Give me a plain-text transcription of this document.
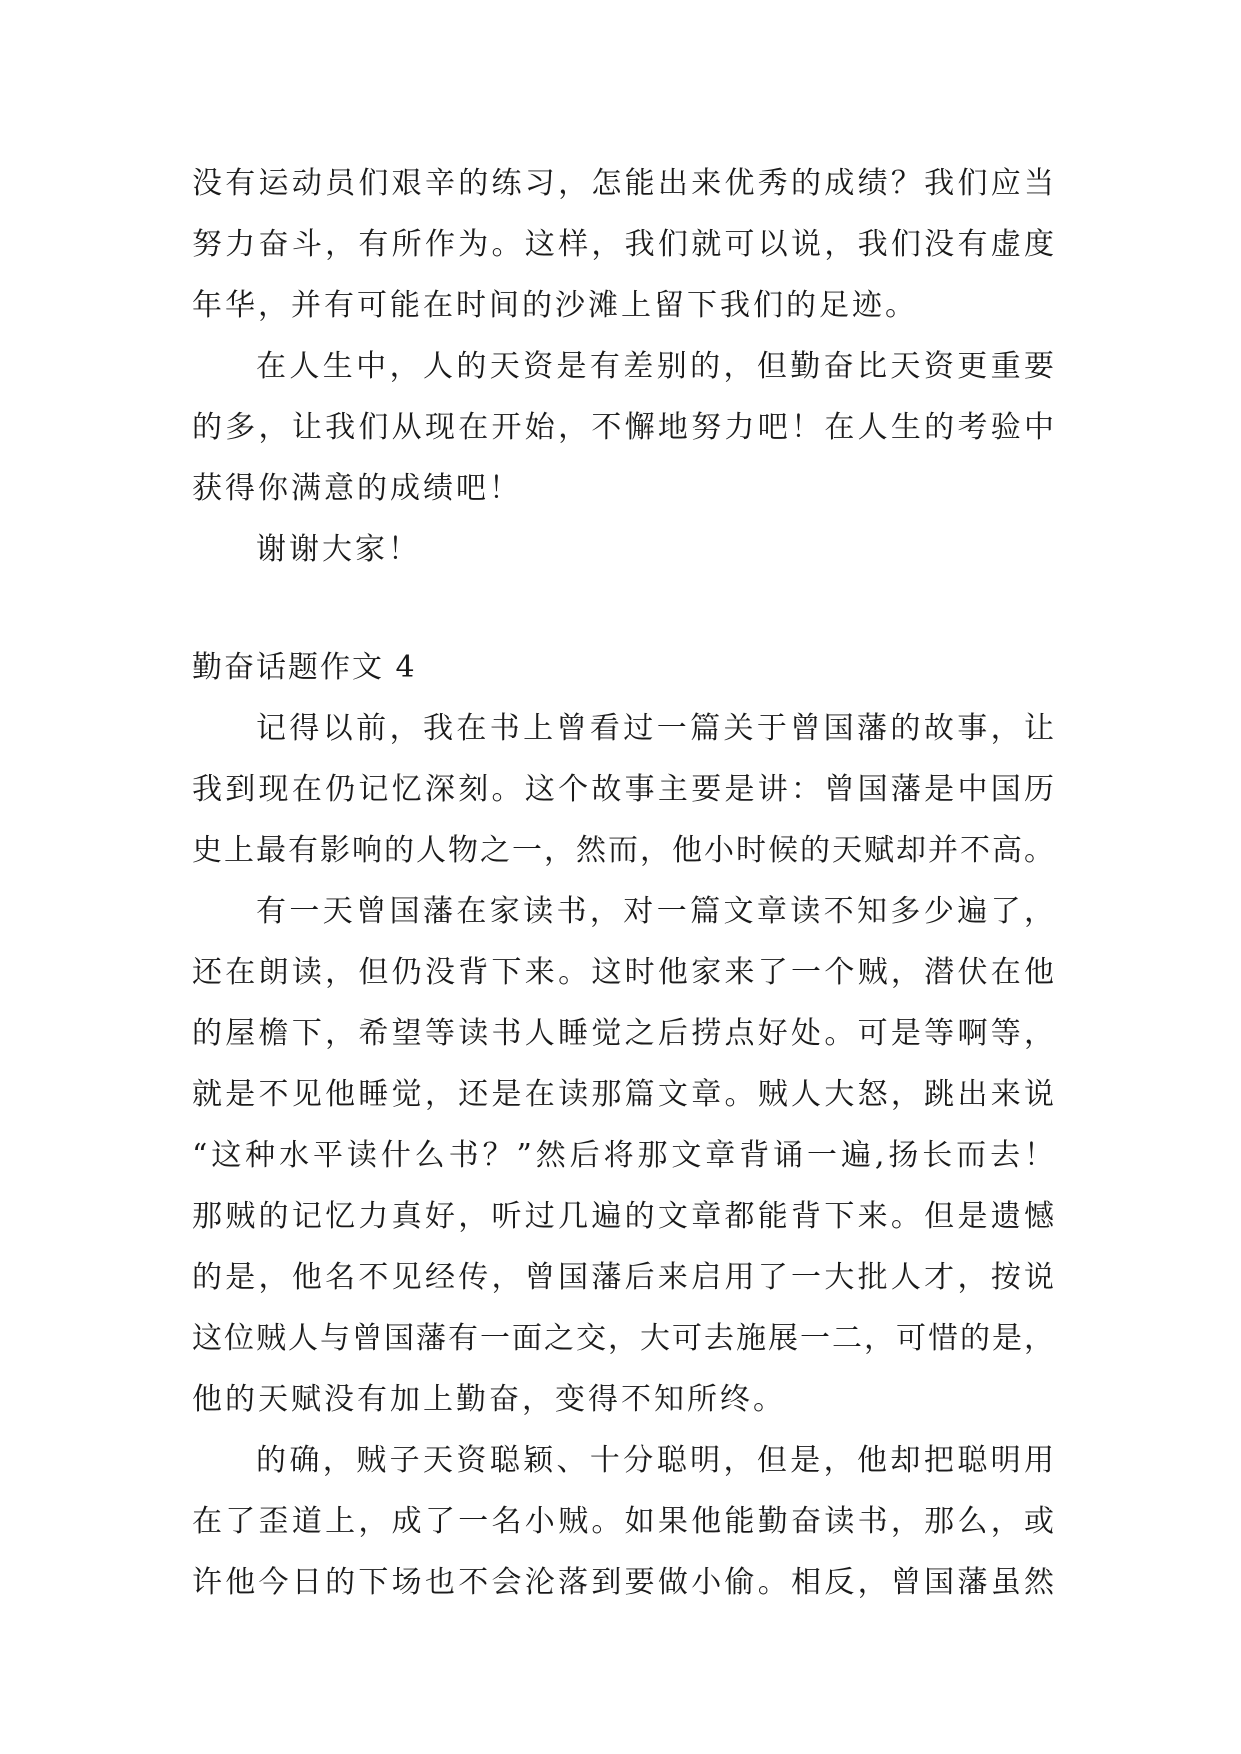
没有运动员们艰辛的练习，怎能出来优秀的成绩？我们应当
努力奋斗，有所作为。这样，我们就可以说，我们没有虚度
年华，并有可能在时间的沙滩上留下我们的足迹。
在人生中，人的天资是有差别的，但勤奋比天资更重要
的多，让我们从现在开始，不懈地努力吧！在人生的考验中
获得你满意的成绩吧！
谢谢大家！
勤奋话题作文 4
记得以前，我在书上曾看过一篇关于曾国藩的故事，让
我到现在仍记忆深刻。这个故事主要是讲：曾国藩是中国历
史上最有影响的人物之一，然而，他小时候的天赋却并不高。
有一天曾国藩在家读书，对一篇文章读不知多少遍了，
还在朗读，但仍没背下来。这时他家来了一个贼，潜伏在他
的屋檐下，希望等读书人睡觉之后捞点好处。可是等啊等，
就是不见他睡觉，还是在读那篇文章。贼人大怒，跳出来说
“这种水平读什么书？”然后将那文章背诵一遍,扬长而去！
那贼的记忆力真好，听过几遍的文章都能背下来。但是遗憾
的是，他名不见经传，曾国藩后来启用了一大批人才，按说
这位贼人与曾国藩有一面之交，大可去施展一二，可惜的是，
他的天赋没有加上勤奋，变得不知所终。
的确，贼子天资聪颖、十分聪明，但是，他却把聪明用
在了歪道上，成了一名小贼。如果他能勤奋读书，那么，或
许他今日的下场也不会沦落到要做小偷。相反，曾国藩虽然
